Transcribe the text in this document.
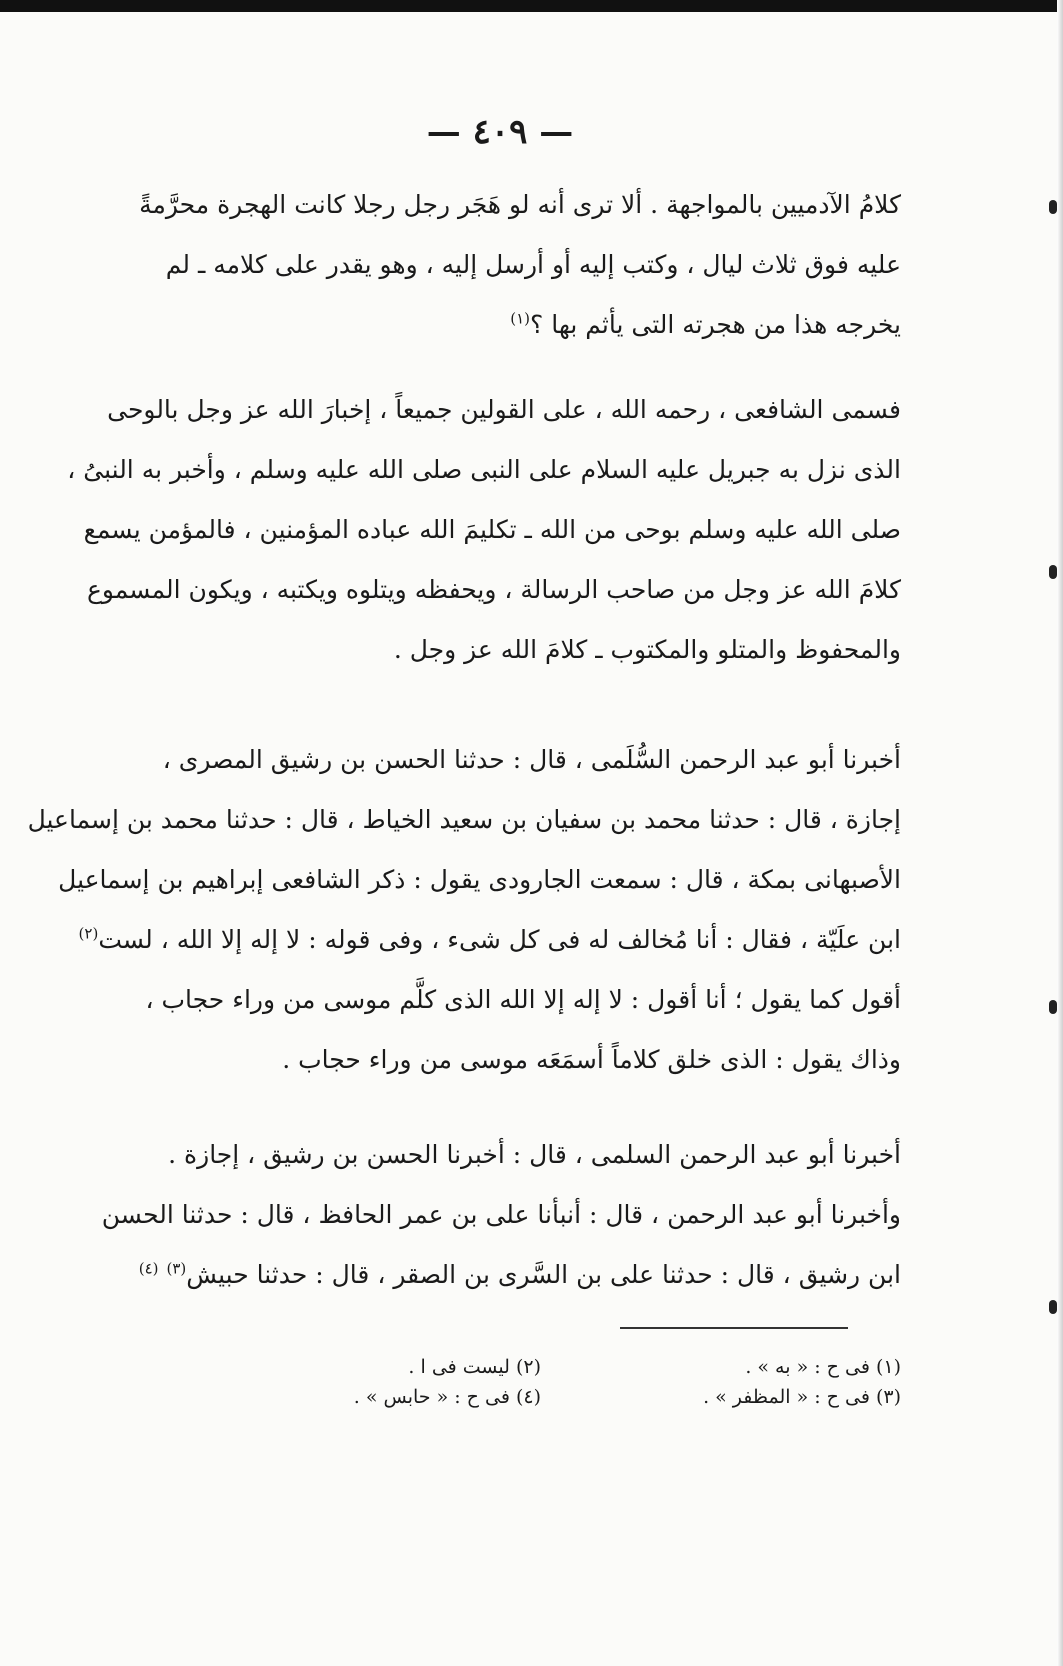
— ٤٠٩ —

كلامُ الآدميين بالمواجهة . ألا ترى أنه لو هَجَر رجل رجلا كانت الهجرة محرَّمةً
عليه فوق ثلاث ليال ، وكتب إليه أو أرسل إليه ، وهو يقدر على كلامه ـ لم
يخرجه هذا من هجرته التى يأثم بها ؟$^{(١)}$

فسمى الشافعى ، رحمه الله ، على القولين جميعاً ، إخبارَ الله عز وجل بالوحى
الذى نزل به جبريل عليه السلام على النبى صلى الله عليه وسلم ، وأخبر به النبىُ ،
صلى الله عليه وسلم بوحى من الله ـ تكليمَ الله عباده المؤمنين ، فالمؤمن يسمع
كلامَ الله عز وجل من صاحب الرسالة ، ويحفظه ويتلوه ويكتبه ، ويكون المسموع
والمحفوظ والمتلو والمكتوب ـ كلامَ الله عز وجل .

أخبرنا أبو عبد الرحمن السُّلَمى ، قال : حدثنا الحسن بن رشيق المصرى ،
إجازة ، قال : حدثنا محمد بن سفيان بن سعيد الخياط ، قال : حدثنا محمد بن إسماعيل
الأصبهانى بمكة ، قال : سمعت الجارودى يقول : ذكر الشافعى إبراهيم بن إسماعيل
ابن علَيّة ، فقال : أنا مُخالف له فى كل شىء ، وفى قوله : لا إله إلا الله ، لست$^{(٢)}$
أقول كما يقول ؛ أنا أقول : لا إله إلا الله الذى كلَّم موسى من وراء حجاب ،
وذاك يقول : الذى خلق كلاماً أسمَعَه موسى من وراء حجاب .

أخبرنا أبو عبد الرحمن السلمى ، قال : أخبرنا الحسن بن رشيق ، إجازة .
وأخبرنا أبو عبد الرحمن ، قال : أنبأنا على بن عمر الحافظ ، قال : حدثنا الحسن
ابن رشيق ، قال : حدثنا على بن السَّرى بن الصقر ، قال : حدثنا حبيش$^{(٣)}$ $^{(٤)}$

(١) فى ح : « به » .
(٣) فى ح : « المظفر » .
(٢) ليست فى ا .
(٤) فى ح : « حابس » .
